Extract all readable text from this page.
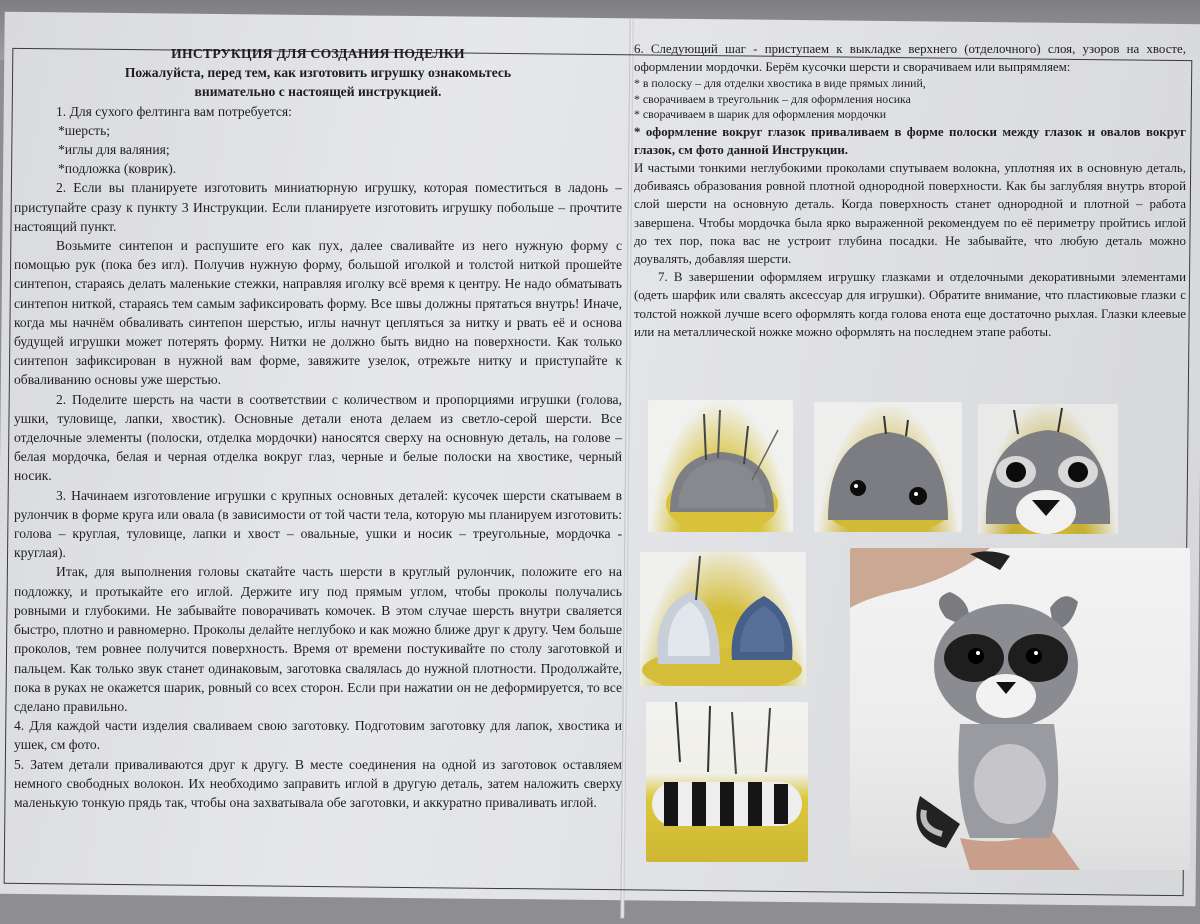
ИНСТРУКЦИЯ ДЛЯ СОЗДАНИЯ ПОДЕЛКИ
Пожалуйста, перед тем, как изготовить игрушку ознакомьтесь
внимательно с настоящей инструкцией.

1. Для сухого фелтинга вам потребуется:

*шерсть;

*иглы для валяния;

*подложка (коврик).

2. Если вы планируете изготовить миниатюрную игрушку, которая поместиться в ладонь – приступайте сразу к пункту 3 Инструкции. Если планируете изготовить игрушку побольше – прочтите настоящий пункт.

Возьмите синтепон и распушите его как пух, далее сваливайте из него нужную форму с помощью рук (пока без игл). Получив нужную форму, большой иголкой и толстой ниткой прошейте синтепон, стараясь делать маленькие стежки, направляя иголку всё время к центру. Не надо обматывать синтепон ниткой, стараясь тем самым зафиксировать форму. Все швы должны прятаться внутрь! Иначе, когда мы начнём обваливать синтепон шерстью, иглы начнут цепляться за нитку и рвать её и основа будущей игрушки может потерять форму. Нитки не должно быть видно на поверхности. Как только синтепон зафиксирован в нужной вам форме, завяжите узелок, отрежьте нитку и приступайте к обваливанию основы уже шерстью.

2. Поделите шерсть на части в соответствии с количеством и пропорциями игрушки (голова, ушки, туловище, лапки, хвостик). Основные детали енота делаем из светло-серой шерсти. Все отделочные элементы (полоски, отделка мордочки) наносятся сверху на основную деталь, на голове – белая мордочка, белая и черная отделка вокруг глаз, черные и белые полоски на хвостике, черный носик.

3. Начинаем изготовление игрушки с крупных основных деталей: кусочек шерсти скатываем в рулончик в форме круга или овала (в зависимости от той части тела, которую мы планируем изготовить: голова – круглая, туловище, лапки и хвост – овальные, ушки и носик – треугольные, мордочка - круглая).

Итак, для выполнения головы скатайте часть шерсти в круглый рулончик, положите его на подложку, и протыкайте его иглой. Держите игу под прямым углом, чтобы проколы получались ровными и глубокими. Не забывайте поворачивать комочек. В этом случае шерсть внутри сваляется быстро, плотно и равномерно. Проколы делайте неглубоко и как можно ближе друг к другу. Чем больше проколов, тем ровнее получится поверхность. Время от времени постукивайте по столу заготовкой и пальцем. Как только звук станет одинаковым, заготовка свалялась до нужной плотности. Продолжайте, пока в руках не окажется шарик, ровный со всех сторон. Если при нажатии он не деформируется, то все сделано правильно.

4. Для каждой части изделия сваливаем свою заготовку. Подготовим заготовку для лапок, хвостика и ушек, см фото.

5. Затем детали приваливаются друг к другу. В месте соединения на одной из заготовок оставляем немного свободных волокон. Их необходимо заправить иглой в другую деталь, затем наложить сверху маленькую тонкую прядь так, чтобы она захватывала обе заготовки, и аккуратно приваливать иглой.

6. Следующий шаг - приступаем к выкладке верхнего (отделочного) слоя, узоров на хвосте, оформлении мордочки. Берём кусочки шерсти и сворачиваем или выпрямляем:

* в полоску – для отделки хвостика в виде прямых линий,

* сворачиваем в треугольник – для оформления носика

* сворачиваем в шарик для оформления мордочки

* оформление вокруг глазок приваливаем в форме полоски между глазок и овалов вокруг глазок, см фото данной Инструкции.

И частыми тонкими неглубокими проколами спутываем волокна, уплотняя их в основную деталь, добиваясь образования ровной плотной однородной поверхности. Как бы заглубляя внутрь второй слой шерсти на основную деталь. Когда поверхность станет однородной и плотной – работа завершена. Чтобы мордочка была ярко выраженной рекомендуем по её периметру пройтись иглой до тех пор, пока вас не устроит глубина посадки. Не забывайте, что любую деталь можно доувалять, добавляя шерсти.

7. В завершении оформляем игрушку глазками и отделочными декоративными элементами (одеть шарфик или свалять аксессуар для игрушки). Обратите внимание, что пластиковые глазки с толстой ножкой лучше всего оформлять когда голова енота еще достаточно рыхлая. Глазки клеевые или на металлической ножке можно оформлять на последнем этапе работы.
